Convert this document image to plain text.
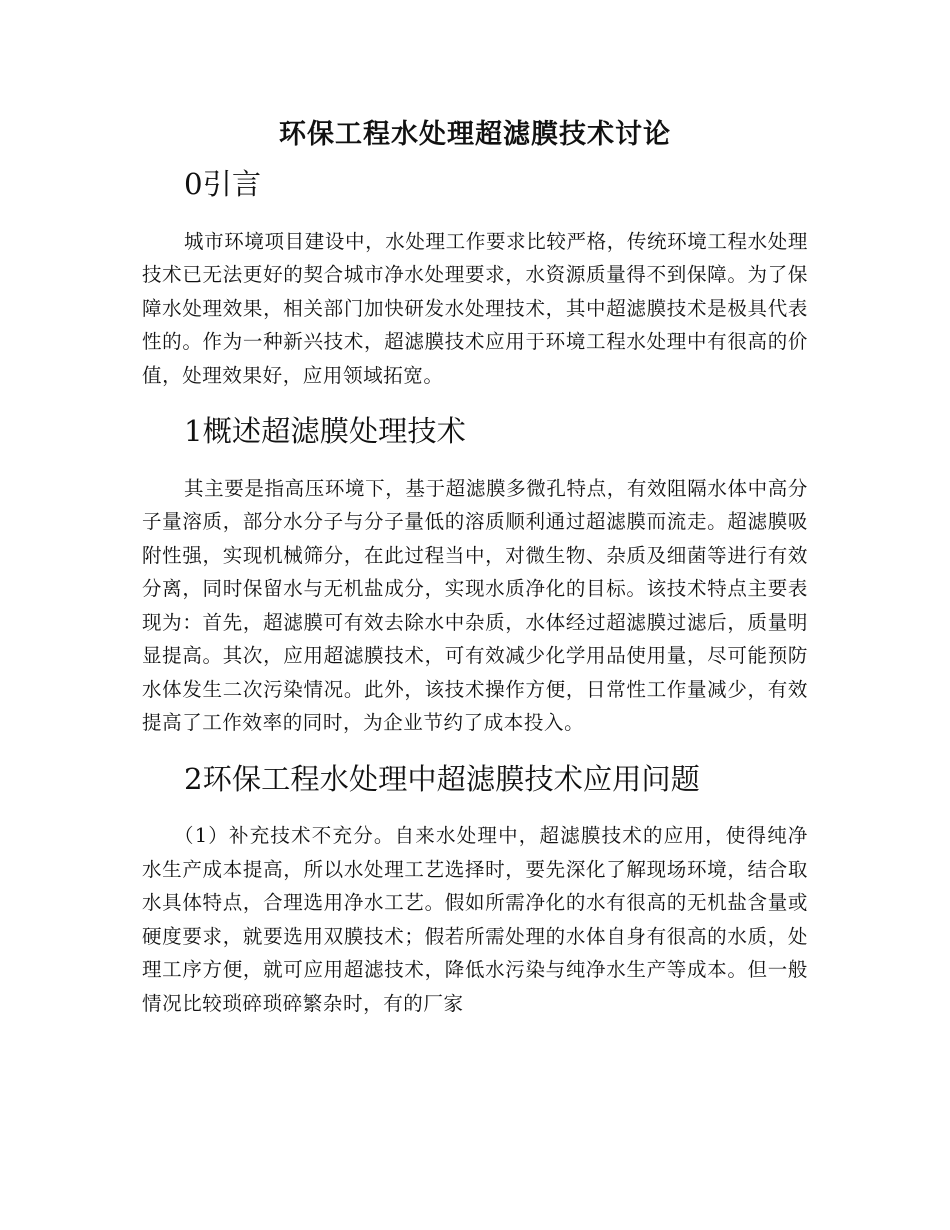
环保工程水处理超滤膜技术讨论
0引言

城市环境项目建设中，水处理工作要求比较严格，传统环境工程水处理技术已无法更好的契合城市净水处理要求，水资源质量得不到保障。为了保障水处理效果，相关部门加快研发水处理技术，其中超滤膜技术是极具代表性的。作为一种新兴技术，超滤膜技术应用于环境工程水处理中有很高的价值，处理效果好，应用领域拓宽。

1概述超滤膜处理技术

其主要是指高压环境下，基于超滤膜多微孔特点，有效阻隔水体中高分子量溶质，部分水分子与分子量低的溶质顺利通过超滤膜而流走。超滤膜吸附性强，实现机械筛分，在此过程当中，对微生物、杂质及细菌等进行有效分离，同时保留水与无机盐成分，实现水质净化的目标。该技术特点主要表现为：首先，超滤膜可有效去除水中杂质，水体经过超滤膜过滤后，质量明显提高。其次，应用超滤膜技术，可有效减少化学用品使用量，尽可能预防水体发生二次污染情况。此外，该技术操作方便，日常性工作量减少，有效提高了工作效率的同时，为企业节约了成本投入。

2环保工程水处理中超滤膜技术应用问题

（1）补充技术不充分。自来水处理中，超滤膜技术的应用，使得纯净水生产成本提高，所以水处理工艺选择时，要先深化了解现场环境，结合取水具体特点，合理选用净水工艺。假如所需净化的水有很高的无机盐含量或硬度要求，就要选用双膜技术；假若所需处理的水体自身有很高的水质，处理工序方便，就可应用超滤技术，降低水污染与纯净水生产等成本。但一般情况比较琐碎琐碎繁杂时，有的厂家
